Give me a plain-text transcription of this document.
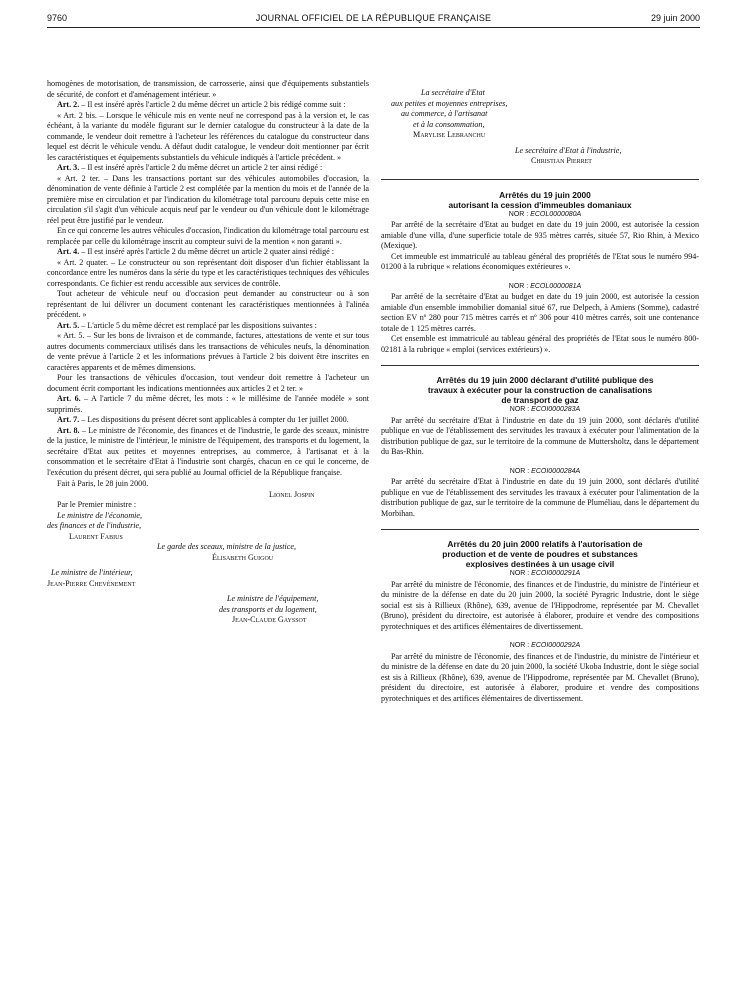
9760	JOURNAL OFFICIEL DE LA RÉPUBLIQUE FRANÇAISE	29 juin 2000

homogènes de motorisation, de transmission, de carrosserie, ainsi que d'équipements substantiels de sécurité, de confort et d'aménagement intérieur. »

Art. 2. – Il est inséré après l'article 2 du même décret un article 2 bis rédigé comme suit :

« Art. 2 bis. – Lorsque le véhicule mis en vente neuf ne correspond pas à la version et, le cas échéant, à la variante du modèle figurant sur le dernier catalogue du constructeur à la date de la commande, le vendeur doit remettre à l'acheteur les références du catalogue du constructeur dans lequel est décrit le véhicule vendu. A défaut dudit catalogue, le vendeur doit mentionner par écrit les caractéristiques et équipements substantiels du véhicule indiqués à l'article précédent. »

Art. 3. – Il est inséré après l'article 2 du même décret un article 2 ter ainsi rédigé :

« Art. 2 ter. – Dans les transactions portant sur des véhicules automobiles d'occasion, la dénomination de vente définie à l'article 2 est complétée par la mention du mois et de l'année de la première mise en circulation et par l'indication du kilométrage total parcouru depuis cette mise en circulation s'il s'agit d'un véhicule acquis neuf par le vendeur ou d'un véhicule dont le kilométrage réel peut être justifié par le vendeur.

En ce qui concerne les autres véhicules d'occasion, l'indication du kilométrage total parcouru est remplacée par celle du kilométrage inscrit au compteur suivi de la mention « non garanti ».

Art. 4. – Il est inséré après l'article 2 du même décret un article 2 quater ainsi rédigé :

« Art. 2 quater. – Le constructeur ou son représentant doit disposer d'un fichier établissant la concordance entre les numéros dans la série du type et les caractéristiques techniques des véhicules correspondants. Ce fichier est rendu accessible aux services de contrôle.

Tout acheteur de véhicule neuf ou d'occasion peut demander au constructeur ou à son représentant de lui délivrer un document contenant les caractéristiques mentionnées à l'alinéa précédent. »

Art. 5. – L'article 5 du même décret est remplacé par les dispositions suivantes :

« Art. 5. – Sur les bons de livraison et de commande, factures, attestations de vente et sur tous autres documents commerciaux utilisés dans les transactions de véhicules neufs, la dénomination de vente prévue à l'article 2 et les informations prévues à l'article 2 bis doivent être inscrites en caractères apparents et de mêmes dimensions.

Pour les transactions de véhicules d'occasion, tout vendeur doit remettre à l'acheteur un document écrit comportant les indications mentionnées aux articles 2 et 2 ter. »

Art. 6. – A l'article 7 du même décret, les mots : « le millésime de l'année modèle » sont supprimés.

Art. 7. – Les dispositions du présent décret sont applicables à compter du 1er juillet 2000.

Art. 8. – Le ministre de l'économie, des finances et de l'industrie, le garde des sceaux, ministre de la justice, le ministre de l'intérieur, le ministre de l'équipement, des transports et du logement, la secrétaire d'Etat aux petites et moyennes entreprises, au commerce, à l'artisanat et à la consommation et le secrétaire d'Etat à l'industrie sont chargés, chacun en ce qui le concerne, de l'exécution du présent décret, qui sera publié au Journal officiel de la République française.

Fait à Paris, le 28 juin 2000.

Lionel Jospin

Par le Premier ministre :

Le ministre de l'économie,

des finances et de l'industrie,

Laurent Fabius

Le garde des sceaux, ministre de la justice,

Élisabeth Guigou

Le ministre de l'intérieur,

Jean-Pierre Chevènement

Le ministre de l'équipement,

des transports et du logement,

Jean-Claude Gayssot

La secrétaire d'Etat

aux petites et moyennes entreprises,

au commerce, à l'artisanat

et à la consommation,

Marylise Lebranchu

Le secrétaire d'Etat à l'industrie,

Christian Pierret

Arrêtés du 19 juin 2000
autorisant la cession d'immeubles domaniaux

NOR : ECOL0000080A

Par arrêté de la secrétaire d'Etat au budget en date du 19 juin 2000, est autorisée la cession amiable d'une villa, d'une superficie totale de 935 mètres carrés, située 57, Rio Rhin, à Mexico (Mexique).

Cet immeuble est immatriculé au tableau général des propriétés de l'Etat sous le numéro 994-01200 à la rubrique « relations économiques extérieures ».

NOR : ECOL0000081A

Par arrêté de la secrétaire d'Etat au budget en date du 19 juin 2000, est autorisée la cession amiable d'un ensemble immobilier domanial situé 67, rue Delpech, à Amiens (Somme), cadastré section EV nº 280 pour 715 mètres carrés et nº 306 pour 410 mètres carrés, soit une contenance totale de 1 125 mètres carrés.

Cet ensemble est immatriculé au tableau général des propriétés de l'Etat sous le numéro 800-02181 à la rubrique « emploi (services extérieurs) ».

Arrêtés du 19 juin 2000 déclarant d'utilité publique des
travaux à exécuter pour la construction de canalisations
de transport de gaz

NOR : ECOI0000283A

Par arrêté du secrétaire d'Etat à l'industrie en date du 19 juin 2000, sont déclarés d'utilité publique en vue de l'établissement des servitudes les travaux à exécuter pour l'alimentation de la distribution publique de gaz, sur le territoire de la commune de Muttersholtz, dans le département du Bas-Rhin.

NOR : ECOI0000284A

Par arrêté du secrétaire d'Etat à l'industrie en date du 19 juin 2000, sont déclarés d'utilité publique en vue de l'établissement des servitudes les travaux à exécuter pour l'alimentation de la distribution publique de gaz, sur le territoire de la commune de Pluméliau, dans le département du Morbihan.

Arrêtés du 20 juin 2000 relatifs à l'autorisation de
production et de vente de poudres et substances
explosives destinées à un usage civil

NOR : ECOI0000291A

Par arrêté du ministre de l'économie, des finances et de l'industrie, du ministre de l'intérieur et du ministre de la défense en date du 20 juin 2000, la société Pyragric Industrie, dont le siège social est sis à Rillieux (Rhône), 639, avenue de l'Hippodrome, représentée par M. Chevallet (Bruno), président du directoire, est autorisée à élaborer, produire et vendre des compositions pyrotechniques et des artifices élémentaires de divertissement.

NOR : ECOI0000292A

Par arrêté du ministre de l'économie, des finances et de l'industrie, du ministre de l'intérieur et du ministre de la défense en date du 20 juin 2000, la société Ukoba Industrie, dont le siège social est sis à Rillieux (Rhône), 639, avenue de l'Hippodrome, représentée par M. Chevallet (Bruno), président du directoire, est autorisée à élaborer, produire et vendre des compositions pyrotechniques et des artifices élémentaires de divertissement.
